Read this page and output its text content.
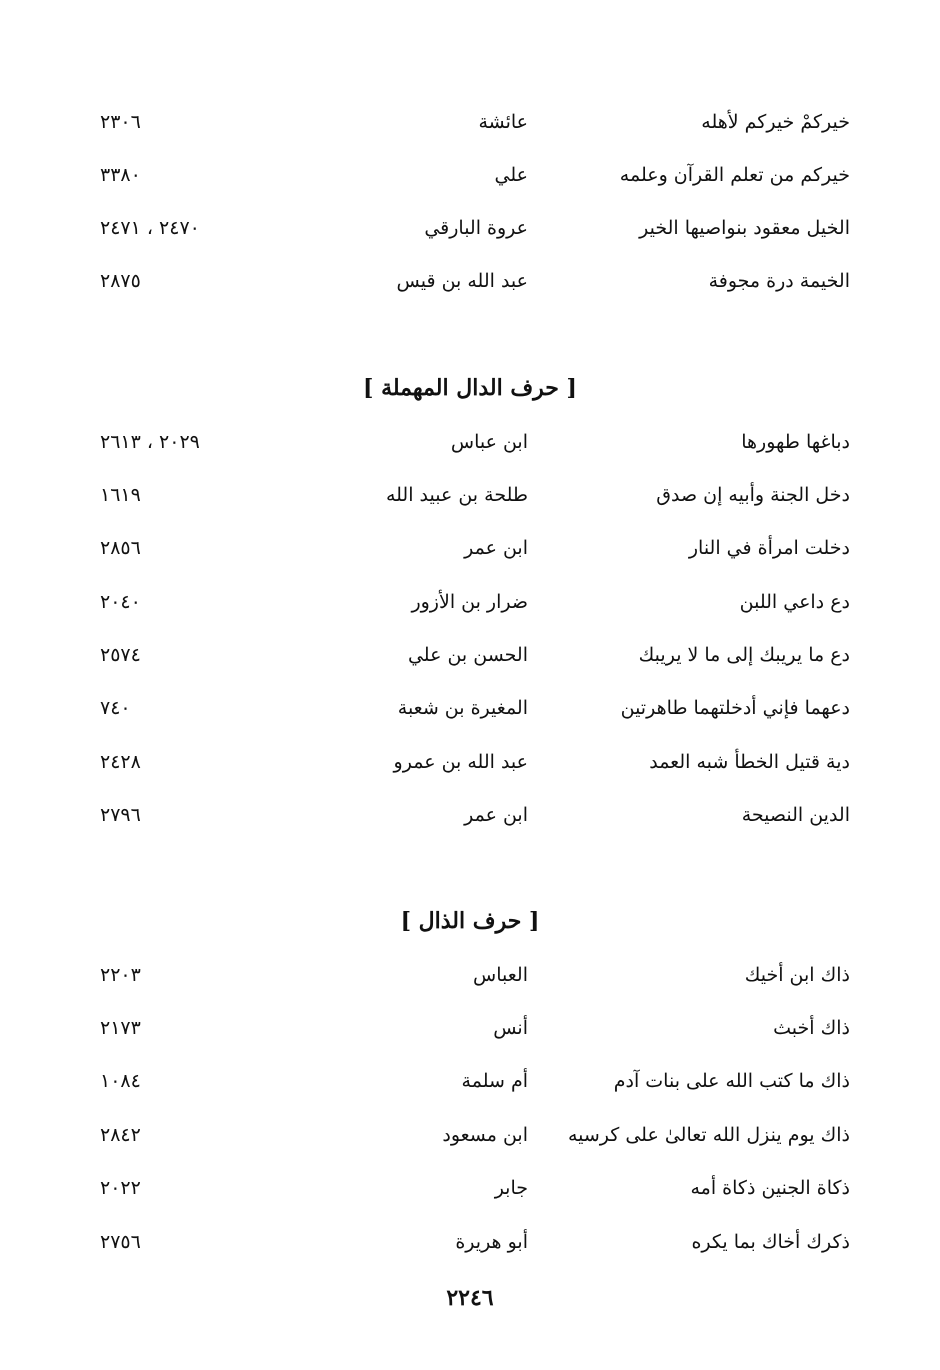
خيركمْ خيركم لأهله
عائشة
٢٣٠٦
خيركم من تعلم القرآن وعلمه
علي
٣٣٨٠
الخيل معقود بنواصيها الخير
عروة البارقي
٢٤٧٠ ، ٢٤٧١
الخيمة درة مجوفة
عبد الله بن قيس
٢٨٧٥
[ حرف الدال المهملة ]
دباغها طهورها
ابن عباس
٢٠٢٩ ، ٢٦١٣
دخل الجنة وأبيه إن صدق
طلحة بن عبيد الله
١٦١٩
دخلت امرأة في النار
ابن عمر
٢٨٥٦
دع داعي اللبن
ضرار بن الأزور
٢٠٤٠
دع ما يريبك إلى ما لا يريبك
الحسن بن علي
٢٥٧٤
دعهما فإني أدخلتهما طاهرتين
المغيرة بن شعبة
٧٤٠
دية قتيل الخطأ شبه العمد
عبد الله بن عمرو
٢٤٢٨
الدين النصيحة
ابن عمر
٢٧٩٦
[ حرف الذال ]
ذاك ابن أخيك
العباس
٢٢٠٣
ذاك أخبث
أنس
٢١٧٣
ذاك ما كتب الله على بنات آدم
أم سلمة
١٠٨٤
ذاك يوم ينزل الله تعالىٰ على كرسيه
ابن مسعود
٢٨٤٢
ذكاة الجنين ذكاة أمه
جابر
٢٠٢٢
ذكرك أخاك بما يكره
أبو هريرة
٢٧٥٦
٢٢٤٦
